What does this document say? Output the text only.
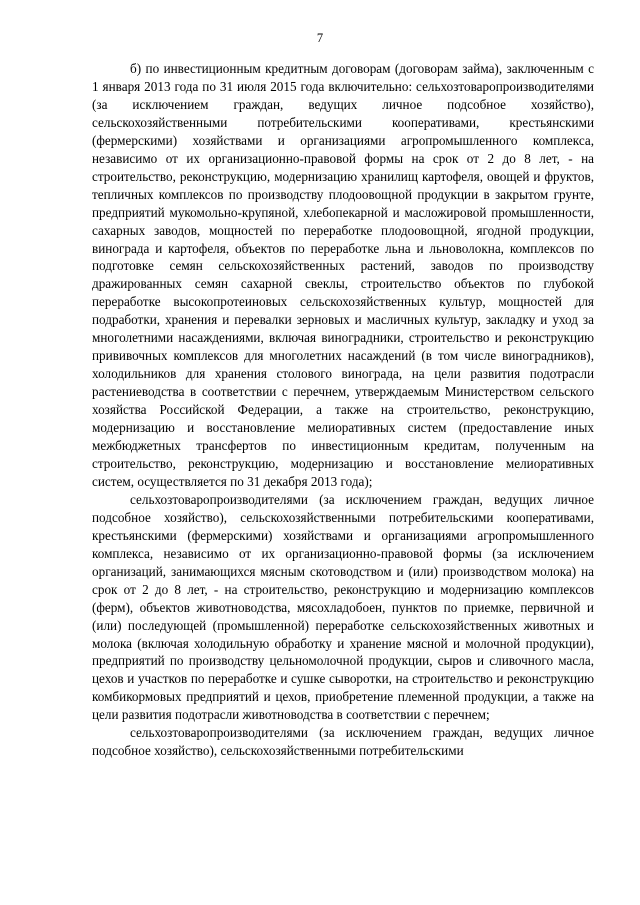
7

б) по инвестиционным кредитным договорам (договорам займа), заключенным с 1 января 2013 года по 31 июля 2015 года включительно: сельхозтоваропроизводителями (за исключением граждан, ведущих личное подсобное хозяйство), сельскохозяйственными потребительскими кооперативами, крестьянскими (фермерскими) хозяйствами и организациями агропромышленного комплекса, независимо от их организационно-правовой формы на срок от 2 до 8 лет, - на строительство, реконструкцию, модернизацию хранилищ картофеля, овощей и фруктов, тепличных комплексов по производству плодоовощной продукции в закрытом грунте, предприятий мукомольно-крупяной, хлебопекарной и масложировой промышленности, сахарных заводов, мощностей по переработке плодоовощной, ягодной продукции, винограда и картофеля, объектов по переработке льна и льноволокна, комплексов по подготовке семян сельскохозяйственных растений, заводов по производству дражированных семян сахарной свеклы, строительство объектов по глубокой переработке высокопротеиновых сельскохозяйственных культур, мощностей для подработки, хранения и перевалки зерновых и масличных культур, закладку и уход за многолетними насаждениями, включая виноградники, строительство и реконструкцию прививочных комплексов для многолетних насаждений (в том числе виноградников), холодильников для хранения столового винограда, на цели развития подотрасли растениеводства в соответствии с перечнем, утверждаемым Министерством сельского хозяйства Российской Федерации, а также на строительство, реконструкцию, модернизацию и восстановление мелиоративных систем (предоставление иных межбюджетных трансфертов по инвестиционным кредитам, полученным на строительство, реконструкцию, модернизацию и восстановление мелиоративных систем, осуществляется по 31 декабря 2013 года);

сельхозтоваропроизводителями (за исключением граждан, ведущих личное подсобное хозяйство), сельскохозяйственными потребительскими кооперативами, крестьянскими (фермерскими) хозяйствами и организациями агропромышленного комплекса, независимо от их организационно-правовой формы (за исключением организаций, занимающихся мясным скотоводством и (или) производством молока) на срок от 2 до 8 лет, - на строительство, реконструкцию и модернизацию комплексов (ферм), объектов животноводства, мясохладобоен, пунктов по приемке, первичной и (или) последующей (промышленной) переработке сельскохозяйственных животных и молока (включая холодильную обработку и хранение мясной и молочной продукции), предприятий по производству цельномолочной продукции, сыров и сливочного масла, цехов и участков по переработке и сушке сыворотки, на строительство и реконструкцию комбикормовых предприятий и цехов, приобретение племенной продукции, а также на цели развития подотрасли животноводства в соответствии с перечнем;

сельхозтоваропроизводителями (за исключением граждан, ведущих личное подсобное хозяйство), сельскохозяйственными потребительскими
